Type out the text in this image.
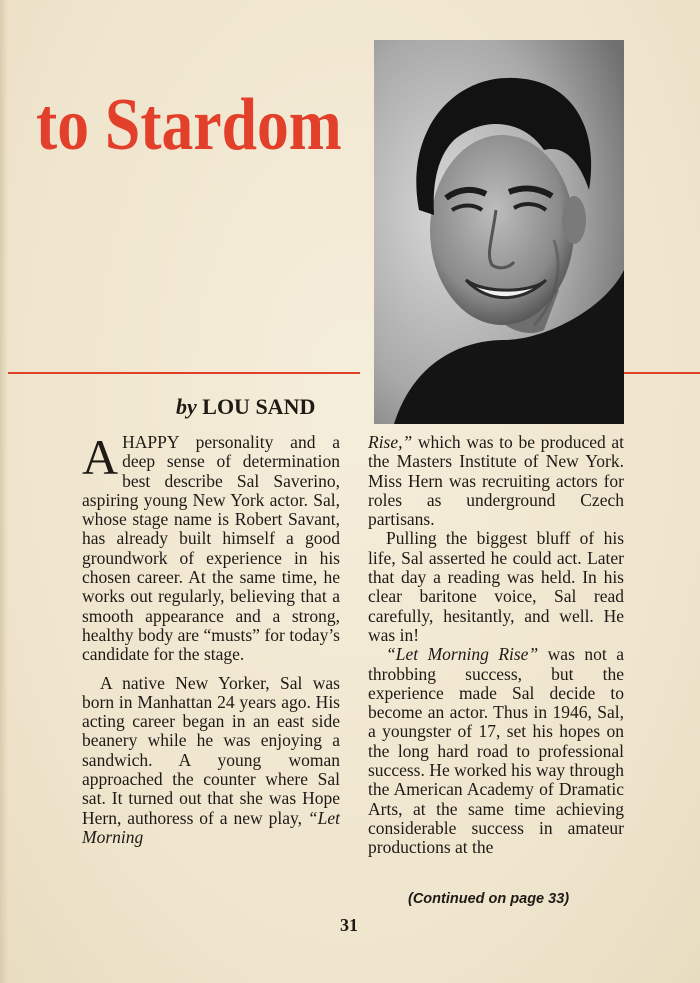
to Stardom

by LOU SAND

AHAPPY personality and a deep sense of determination best describe Sal Saverino, aspiring young New York actor. Sal, whose stage name is Robert Savant, has already built himself a good groundwork of experience in his chosen career. At the same time, he works out regularly, believing that a smooth appearance and a strong, healthy body are “musts” for today’s candidate for the stage.

A native New Yorker, Sal was born in Manhattan 24 years ago. His acting career began in an east side beanery while he was enjoying a sandwich. A young woman approached the counter where Sal sat. It turned out that she was Hope Hern, authoress of a new play, “Let Morning

Rise,” which was to be produced at the Masters Institute of New York. Miss Hern was recruiting actors for roles as underground Czech partisans.

Pulling the biggest bluff of his life, Sal asserted he could act. Later that day a reading was held. In his clear baritone voice, Sal read carefully, hesitantly, and well. He was in!

“Let Morning Rise” was not a throbbing success, but the experience made Sal decide to become an actor. Thus in 1946, Sal, a youngster of 17, set his hopes on the long hard road to professional success. He worked his way through the American Academy of Dramatic Arts, at the same time achieving considerable success in amateur productions at the

(Continued on page 33)

31
